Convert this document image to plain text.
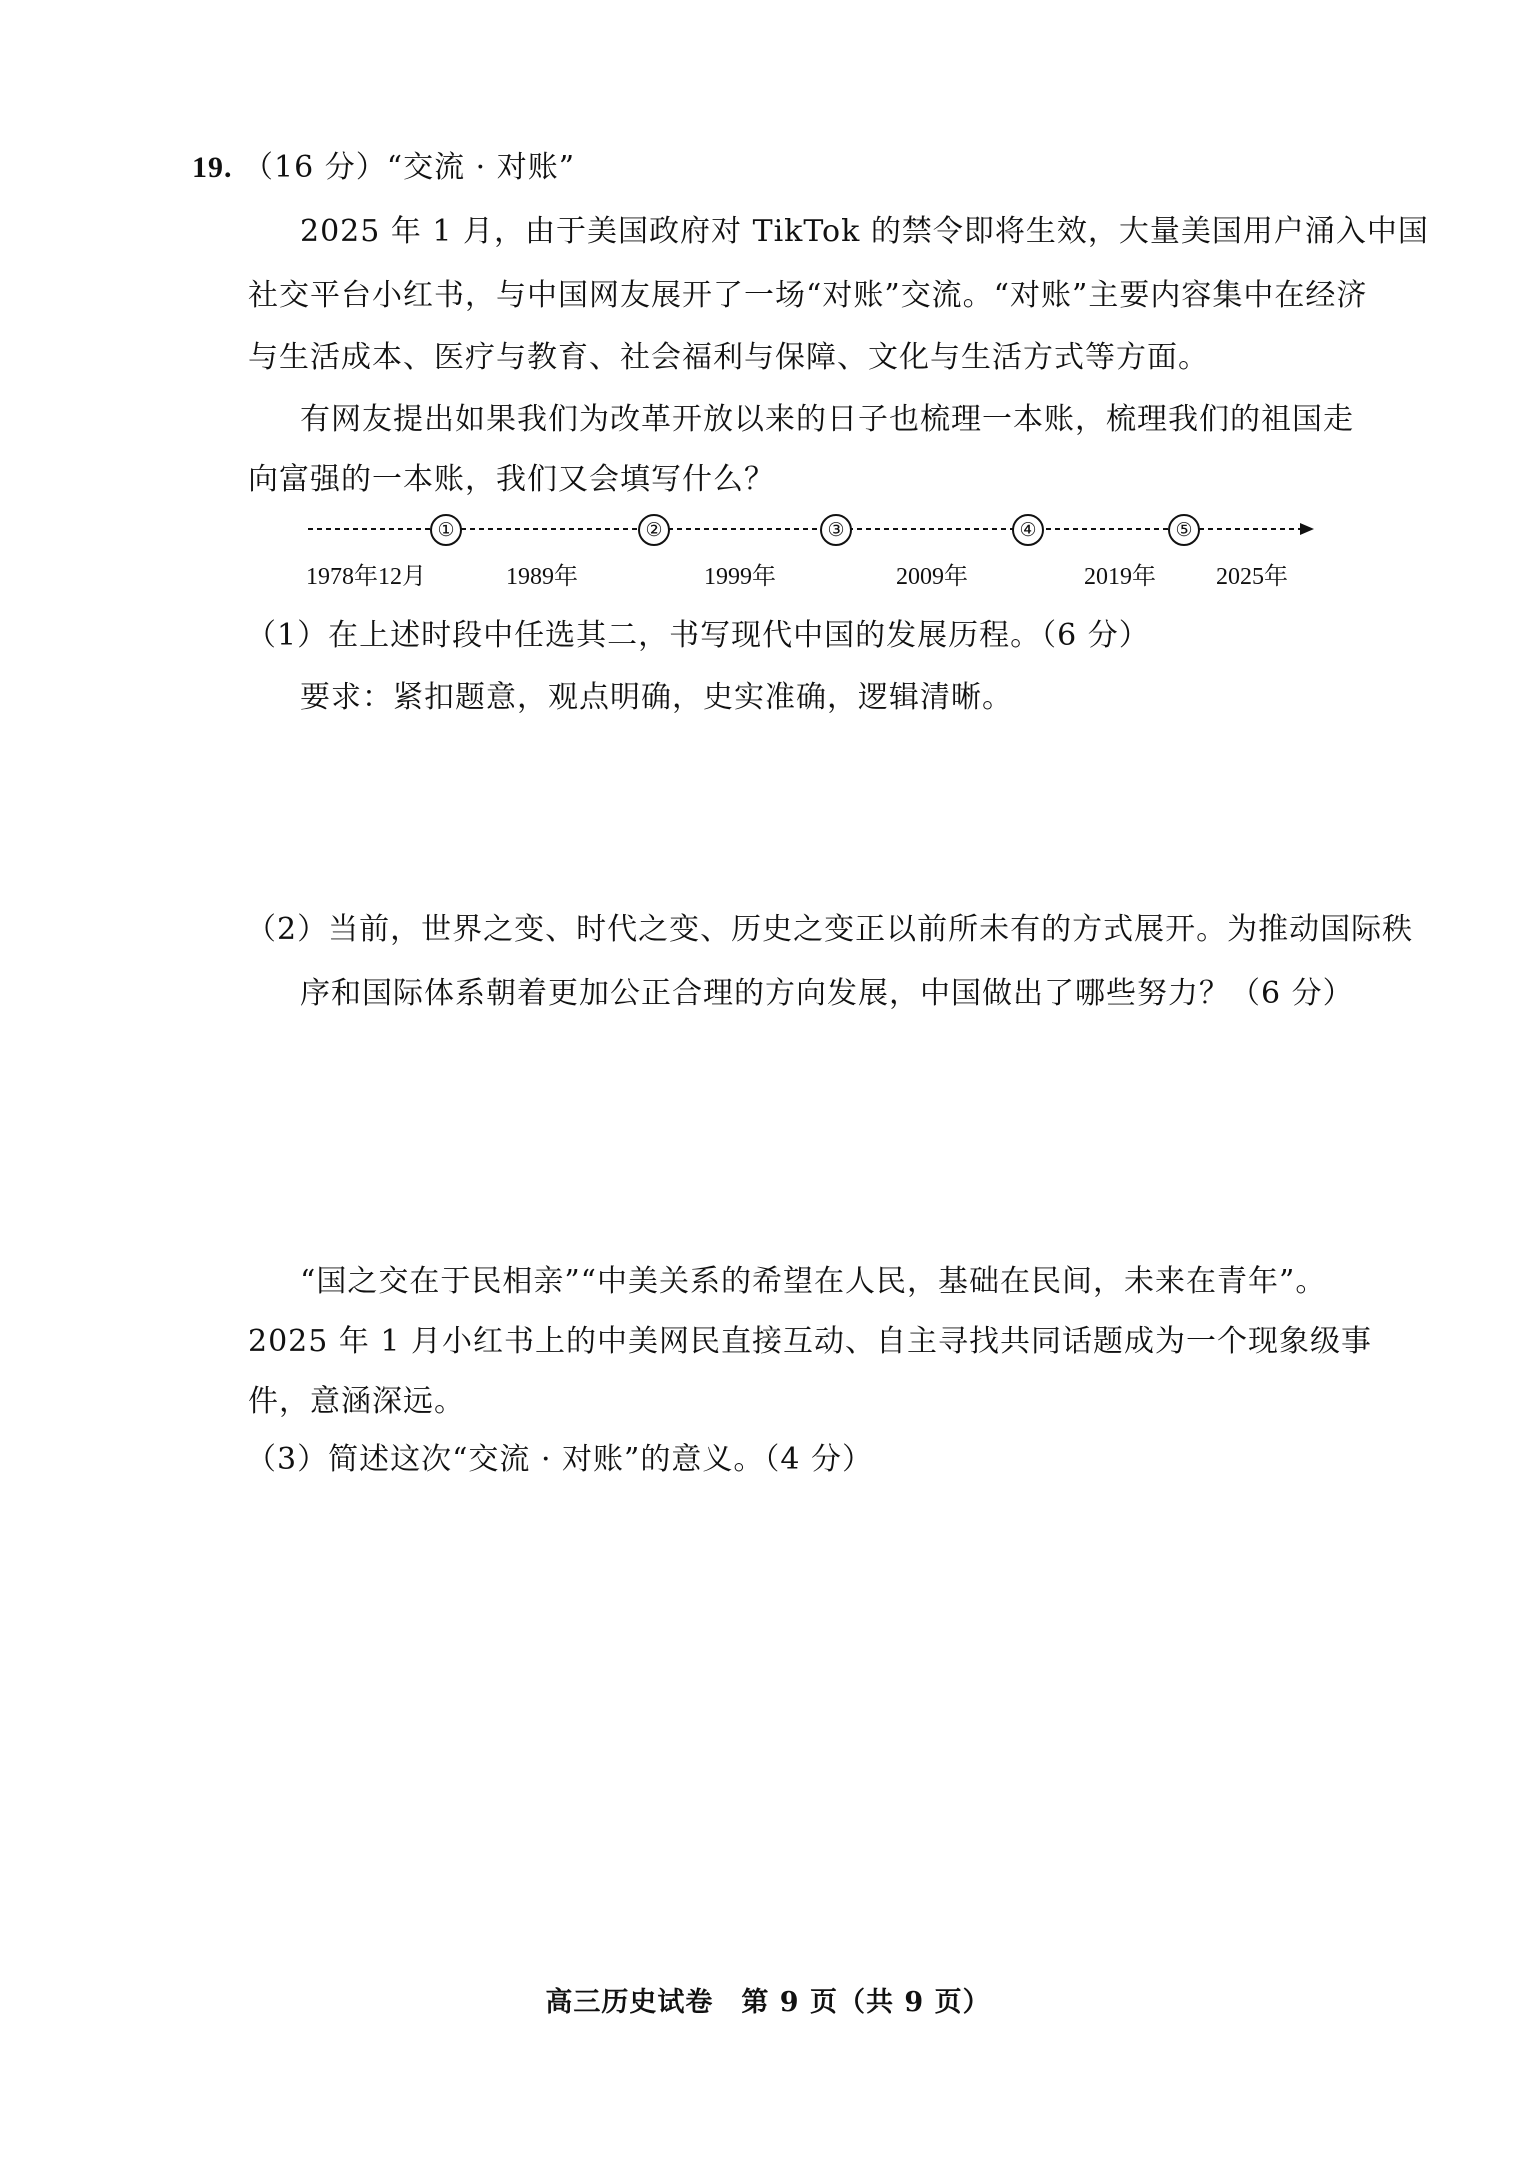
19. （16 分）“交流 · 对账”
2025 年 1 月，由于美国政府对 TikTok 的禁令即将生效，大量美国用户涌入中国
社交平台小红书，与中国网友展开了一场“对账”交流。“对账”主要内容集中在经济
与生活成本、医疗与教育、社会福利与保障、文化与生活方式等方面。
有网友提出如果我们为改革开放以来的日子也梳理一本账，梳理我们的祖国走
向富强的一本账，我们又会填写什么？
①	②	③	④	⑤
1978年12月	1989年	1999年	2009年	2019年	2025年
（1）在上述时段中任选其二，书写现代中国的发展历程。（6 分）
要求：紧扣题意，观点明确，史实准确，逻辑清晰。
（2）当前，世界之变、时代之变、历史之变正以前所未有的方式展开。为推动国际秩
序和国际体系朝着更加公正合理的方向发展，中国做出了哪些努力？（6 分）
“国之交在于民相亲”“中美关系的希望在人民，基础在民间，未来在青年”。
2025 年 1 月小红书上的中美网民直接互动、自主寻找共同话题成为一个现象级事
件，意涵深远。
（3）简述这次“交流 · 对账”的意义。（4 分）
高三历史试卷　第 9 页（共 9 页）
